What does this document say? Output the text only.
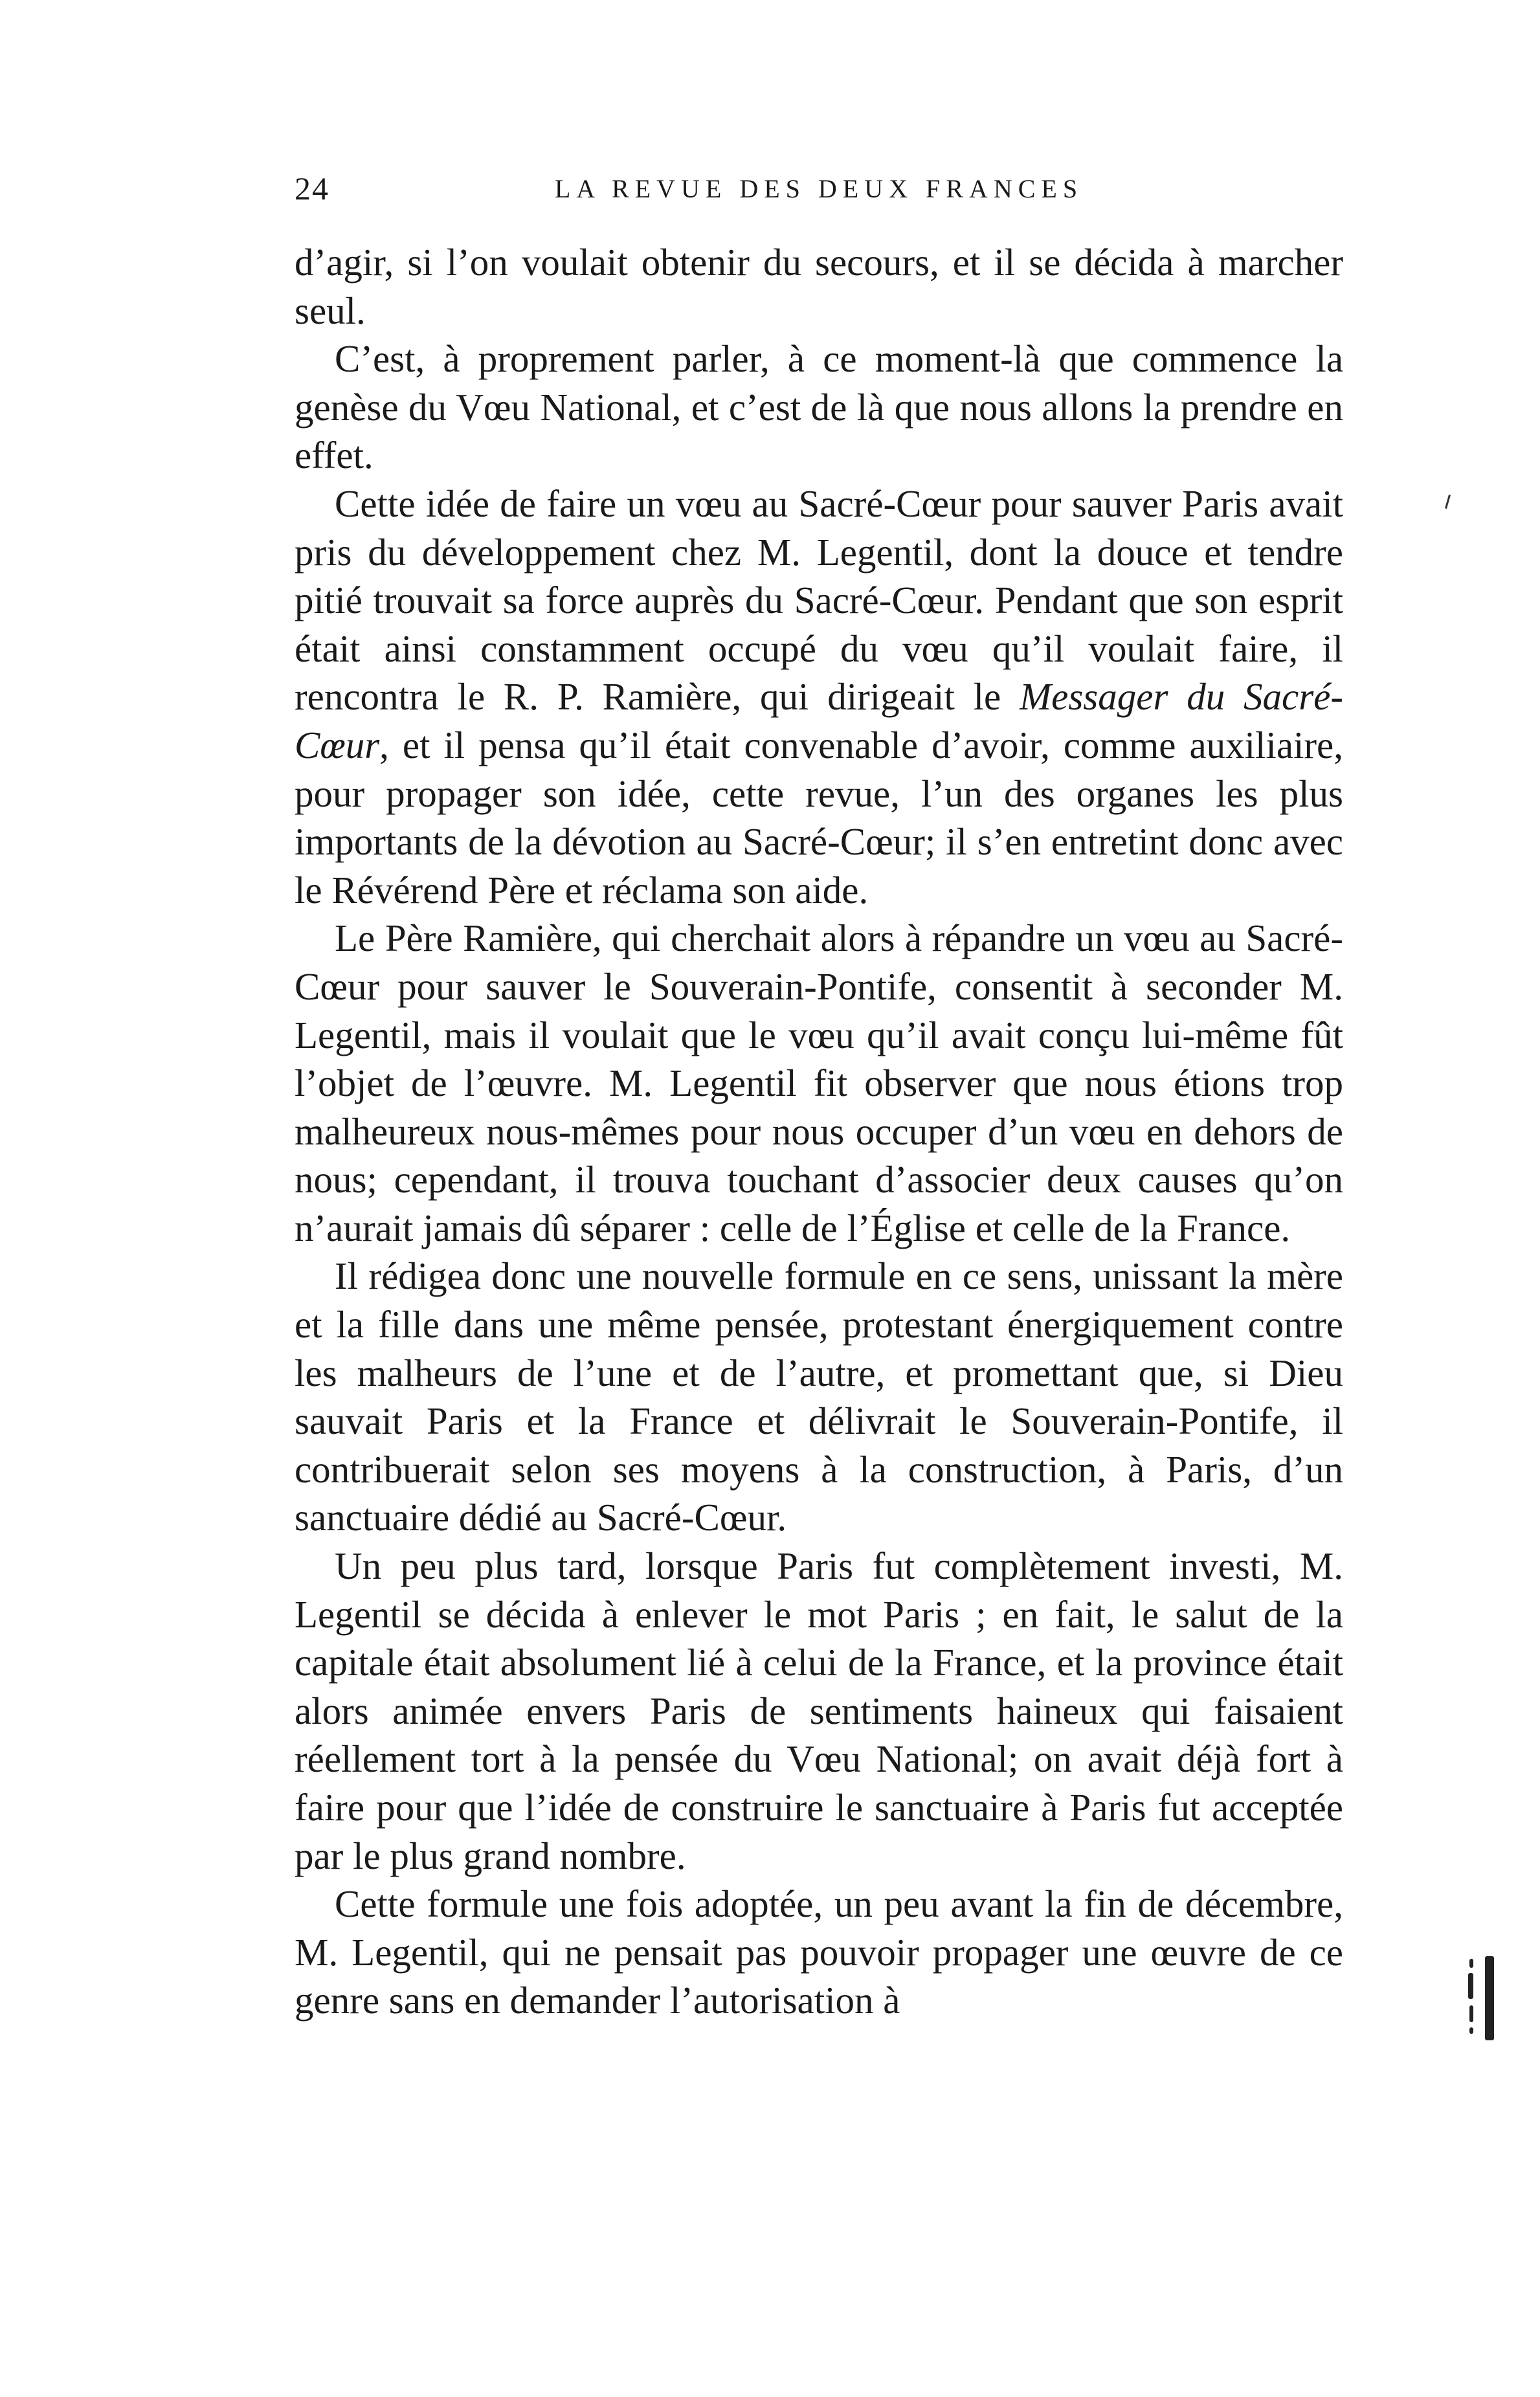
24	LA REVUE DES DEUX FRANCES

d’agir, si l’on voulait obtenir du secours, et il se décida à marcher seul.

C’est, à proprement parler, à ce moment-là que commence la genèse du Vœu National, et c’est de là que nous allons la prendre en effet.

Cette idée de faire un vœu au Sacré-Cœur pour sauver Paris avait pris du développement chez M. Legentil, dont la douce et tendre pitié trouvait sa force auprès du Sacré-Cœur. Pendant que son esprit était ainsi constamment occupé du vœu qu’il voulait faire, il rencontra le R. P. Ramière, qui dirigeait le Messager du Sacré-Cœur, et il pensa qu’il était convenable d’avoir, comme auxiliaire, pour propager son idée, cette revue, l’un des organes les plus importants de la dévotion au Sacré-Cœur; il s’en entretint donc avec le Révérend Père et réclama son aide.

Le Père Ramière, qui cherchait alors à répandre un vœu au Sacré-Cœur pour sauver le Souverain-Pontife, consentit à seconder M. Legentil, mais il voulait que le vœu qu’il avait conçu lui-même fût l’objet de l’œuvre. M. Legentil fit observer que nous étions trop malheureux nous-mêmes pour nous occuper d’un vœu en dehors de nous; cependant, il trouva touchant d’associer deux causes qu’on n’aurait jamais dû séparer : celle de l’Église et celle de la France.

Il rédigea donc une nouvelle formule en ce sens, unissant la mère et la fille dans une même pensée, protestant énergiquement contre les malheurs de l’une et de l’autre, et promettant que, si Dieu sauvait Paris et la France et délivrait le Souverain-Pontife, il contribuerait selon ses moyens à la construction, à Paris, d’un sanctuaire dédié au Sacré-Cœur.

Un peu plus tard, lorsque Paris fut complètement investi, M. Legentil se décida à enlever le mot Paris ; en fait, le salut de la capitale était absolument lié à celui de la France, et la province était alors animée envers Paris de sentiments haineux qui faisaient réellement tort à la pensée du Vœu National; on avait déjà fort à faire pour que l’idée de construire le sanctuaire à Paris fut acceptée par le plus grand nombre.

Cette formule une fois adoptée, un peu avant la fin de décembre, M. Legentil, qui ne pensait pas pouvoir propager une œuvre de ce genre sans en demander l’autorisation à
